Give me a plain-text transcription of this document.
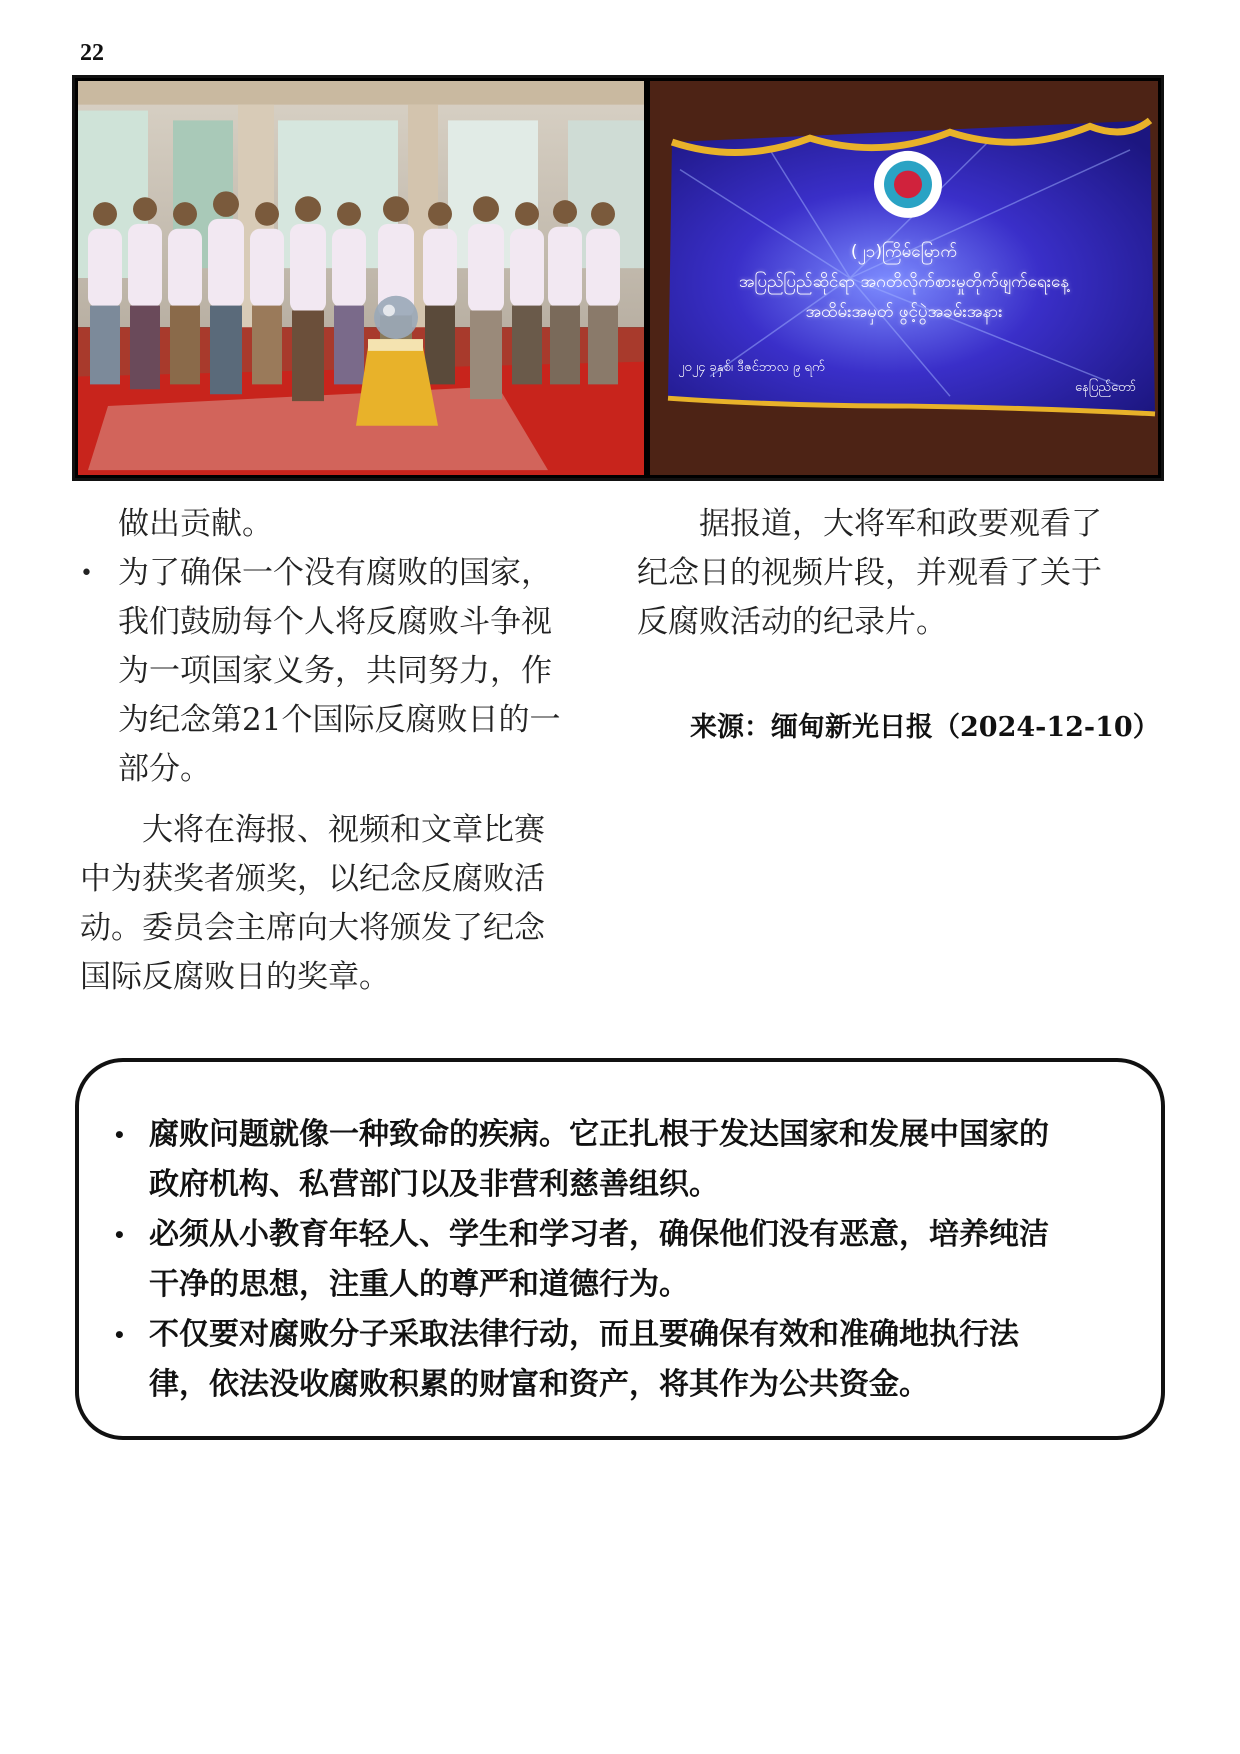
22
(၂၁)ကြိမ်မြောက်
အပြည်ပြည်ဆိုင်ရာ အဂတိလိုက်စားမှုတိုက်ဖျက်ရေးနေ့
အထိမ်းအမှတ် ဖွင့်ပွဲအခမ်းအနား
၂၀၂၄ ခုနှစ်၊ ဒီဇင်ဘာလ ၉ ရက်
နေပြည်တော်
做出贡献。
• 为了确保一个没有腐败的国家，
我们鼓励每个人将反腐败斗争视
为一项国家义务，共同努力，作
为纪念第21个国际反腐败日的一
部分。
大将在海报、视频和文章比赛
中为获奖者颁奖，以纪念反腐败活
动。委员会主席向大将颁发了纪念
国际反腐败日的奖章。
据报道，大将军和政要观看了
纪念日的视频片段，并观看了关于
反腐败活动的纪录片。
来源：缅甸新光日报（2024-12-10）
• 腐败问题就像一种致命的疾病。它正扎根于发达国家和发展中国家的
政府机构、私营部门以及非营利慈善组织。
• 必须从小教育年轻人、学生和学习者，确保他们没有恶意，培养纯洁
干净的思想，注重人的尊严和道德行为。
• 不仅要对腐败分子采取法律行动，而且要确保有效和准确地执行法
律，依法没收腐败积累的财富和资产，将其作为公共资金。
